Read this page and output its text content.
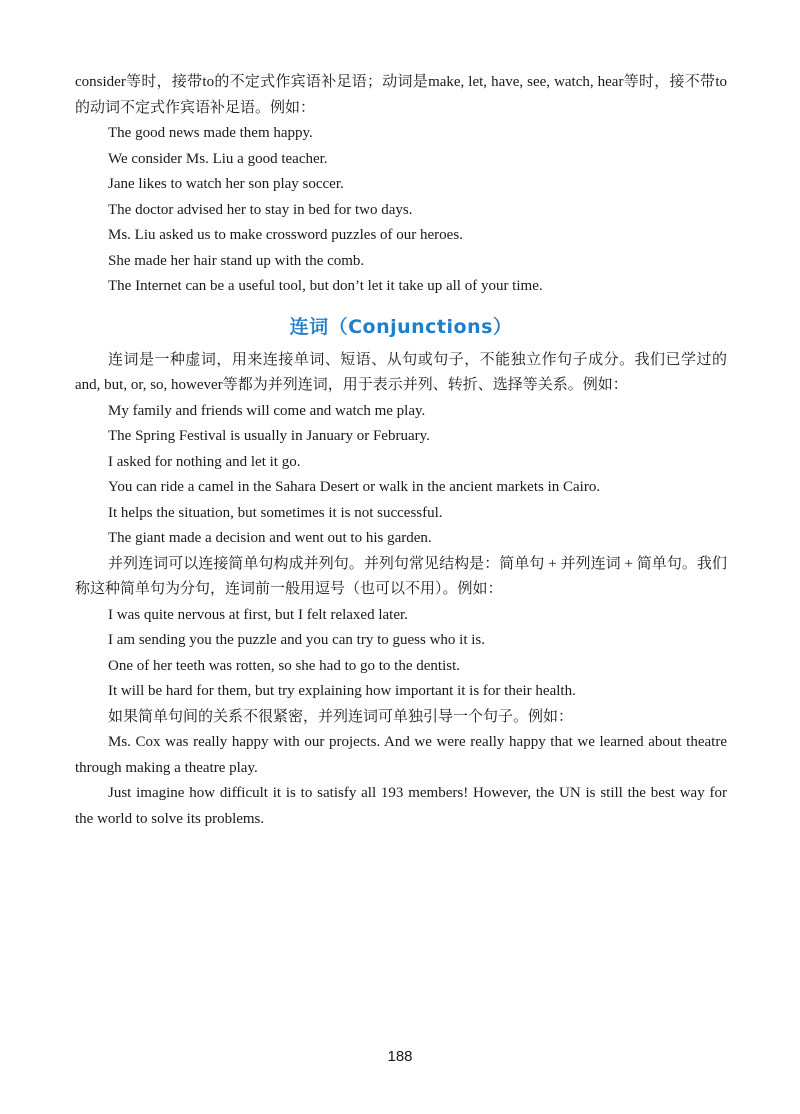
consider等时，接带to的不定式作宾语补足语；动词是make, let, have, see, watch, hear等时，接不带to的动词不定式作宾语补足语。例如：

The good news made them happy.

We consider Ms. Liu a good teacher.

Jane likes to watch her son play soccer.

The doctor advised her to stay in bed for two days.

Ms. Liu asked us to make crossword puzzles of our heroes.

She made her hair stand up with the comb.

The Internet can be a useful tool, but don’t let it take up all of your time.

连词（Conjunctions）

连词是一种虚词，用来连接单词、短语、从句或句子，不能独立作句子成分。我们已学过的and, but, or, so, however等都为并列连词，用于表示并列、转折、选择等关系。例如：

My family and friends will come and watch me play.

The Spring Festival is usually in January or February.

I asked for nothing and let it go.

You can ride a camel in the Sahara Desert or walk in the ancient markets in Cairo.

It helps the situation, but sometimes it is not successful.

The giant made a decision and went out to his garden.

并列连词可以连接简单句构成并列句。并列句常见结构是：简单句 + 并列连词 + 简单句。我们称这种简单句为分句，连词前一般用逗号（也可以不用）。例如：

I was quite nervous at first, but I felt relaxed later.

I am sending you the puzzle and you can try to guess who it is.

One of her teeth was rotten, so she had to go to the dentist.

It will be hard for them, but try explaining how important it is for their health.

如果简单句间的关系不很紧密，并列连词可单独引导一个句子。例如：

Ms. Cox was really happy with our projects. And we were really happy that we learned about theatre through making a theatre play.

Just imagine how difficult it is to satisfy all 193 members! However, the UN is still the best way for the world to solve its problems.

188
